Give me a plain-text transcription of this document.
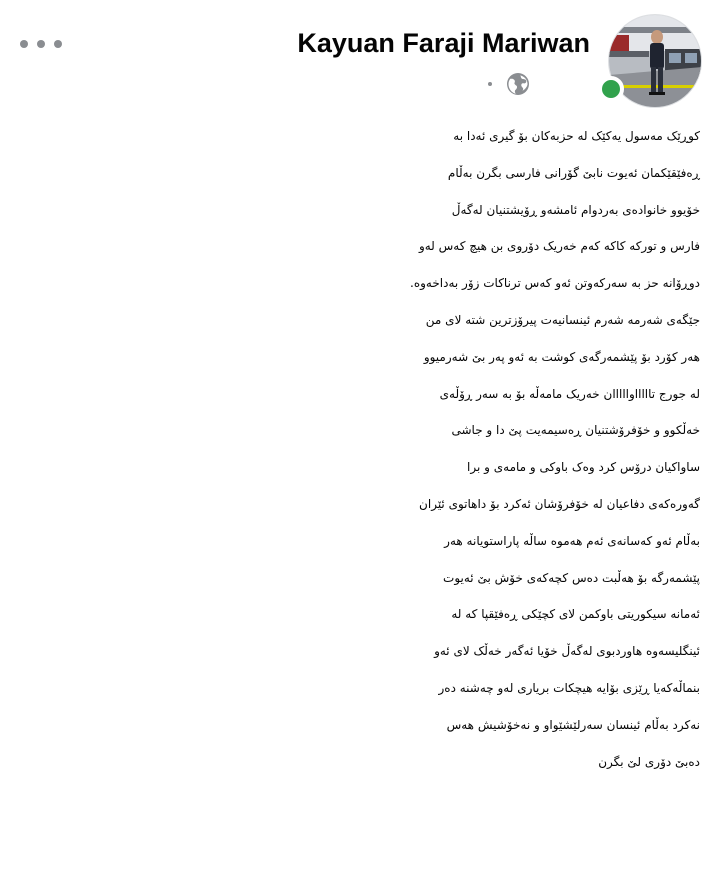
Kayuan Faraji Mariwan

کوڕێک مەسول یەکێک لە حزبەکان بۆ گیری ئەدا بە

ڕەفێقێکمان ئەیوت نابێ گۆرانی فارسی بگرن بەڵام

خۆیوو خانوادەی بەردوام ئامشەو ڕۆیشتنیان لەگەڵ

فارس و تورکە کاکە کەم خەریک دۆروی بن هیچ کەس لەو

دوڕۆانە حز بە سەرکەوتن ئەو کەس ترناکات زۆر بەداخەوە.

جێگەی شەرمە شەرم ئینسانیەت پیرۆزترین شتە لای من

هەر کۆرد بۆ پێشمەرگەی کوشت بە ئەو پەر بێ شەرمیوو

لە جورج تاااااوااااان خەریک مامەڵە بۆ بە سەر ڕۆڵەی

خەڵکوو و خۆفرۆشتنیان ڕەسیمەیت پێ دا و جاشی

ساواکیان درۆس کرد وەک باوکی و مامەی و برا

گەورەکەی دفاعیان لە خۆفرۆشان ئەکرد بۆ داهاتوی ئێران

بەڵام ئەو کەسانەی ئەم هەموە ساڵە پاراستویانە هەر

پێشمەرگە بۆ هەڵبت دەس کچەکەی خۆش بێ ئەیوت

ئەمانە سیکوریتی باوکمن لای کچێکی ڕەفێقپا کە لە

ئینگلیسەوە هاوردبوی لەگەڵ خۆیا ئەگەر خەڵک لای ئەو

بنماڵەکەیا ڕێزی بۆایە هیچکات بریاری لەو چەشنە دەر

نەکرد بەڵام ئینسان سەرلێشێواو و نەخۆشیش هەس

دەبێ دۆری لێ بگرن
